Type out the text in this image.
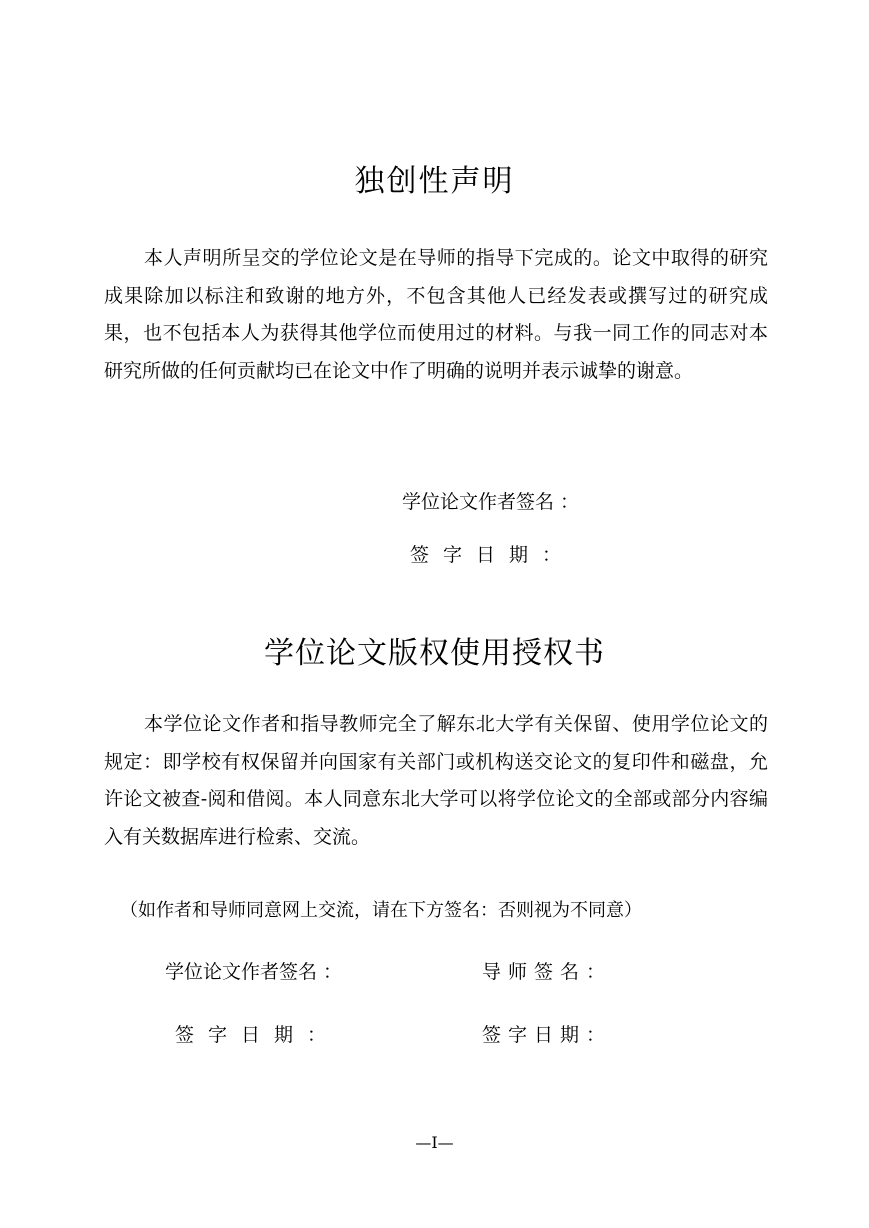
独创性声明

本人声明所呈交的学位论文是在导师的指导下完成的。论文中取得的研究成果除加以标注和致谢的地方外，不包含其他人已经发表或撰写过的研究成果，也不包括本人为获得其他学位而使用过的材料。与我一同工作的同志对本研究所做的任何贡献均已在论文中作了明确的说明并表示诚挚的谢意。

学位论文作者签名 ：

签字日期：

学位论文版权使用授权书

本学位论文作者和指导教师完全了解东北大学有关保留、使用学位论文的规定：即学校有权保留并向国家有关部门或机构送交论文的复印件和磁盘，允许论文被查-阅和借阅。本人同意东北大学可以将学位论文的全部或部分内容编入有关数据库进行检索、交流。

（如作者和导师同意网上交流，请在下方签名：否则视为不同意）

学位论文作者签名 ：	导师签名：

签字日期：	签字日期：

—I—
